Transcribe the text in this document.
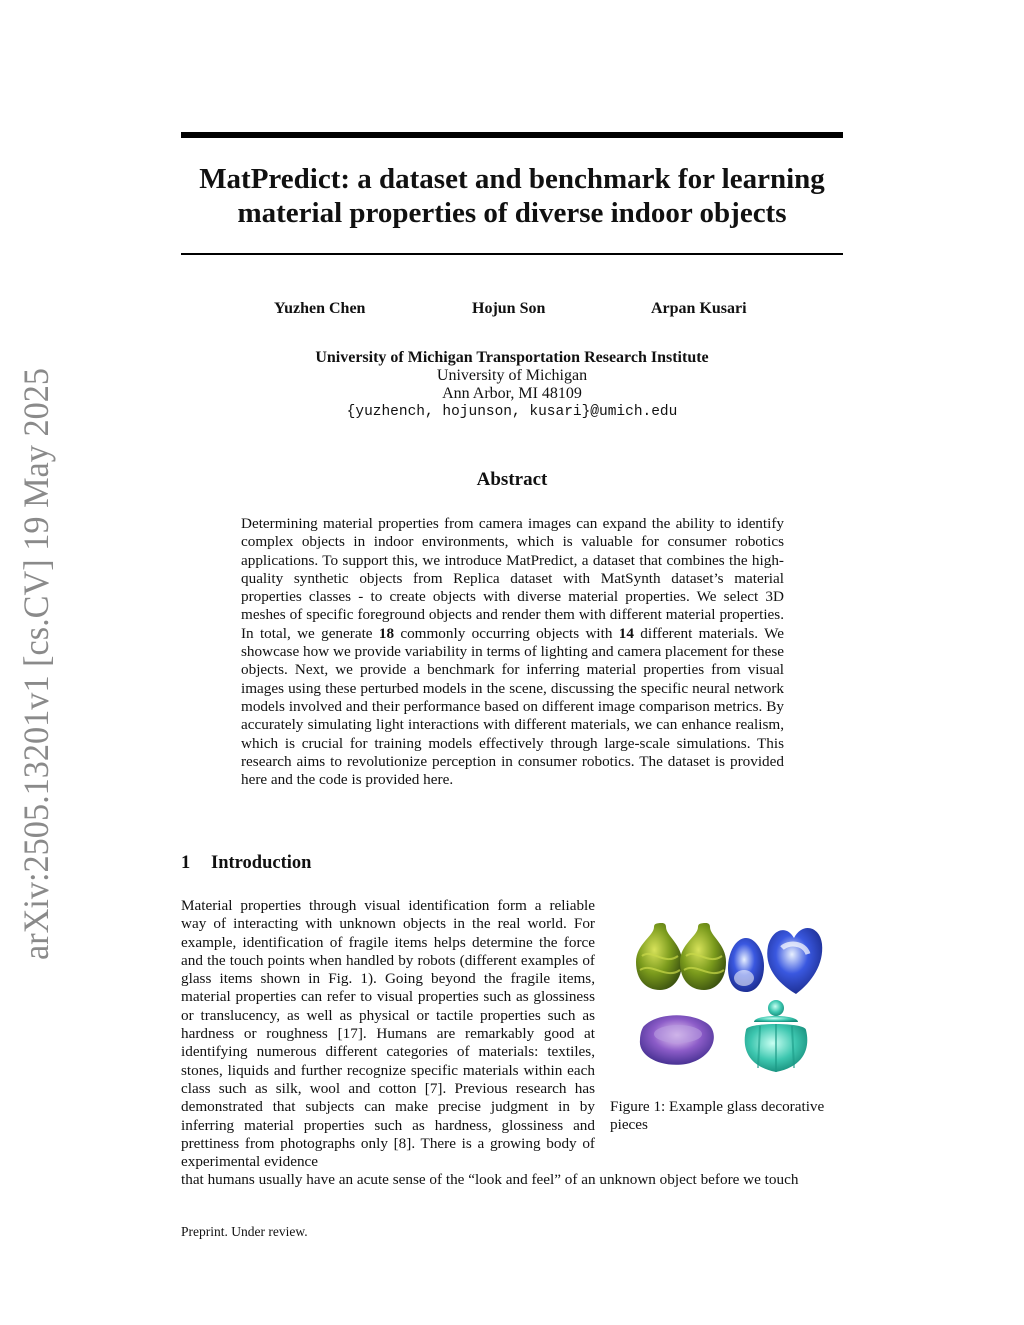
arXiv:2505.13201v1 [cs.CV] 19 May 2025
MatPredict: a dataset and benchmark for learning
material properties of diverse indoor objects
Yuzhen Chen	Hojun Son	Arpan Kusari
University of Michigan Transportation Research Institute
University of Michigan
Ann Arbor, MI 48109
{yuzhench, hojunson, kusari}@umich.edu
Abstract
Determining material properties from camera images can expand the ability to identify complex objects in indoor environments, which is valuable for consumer robotics applications. To support this, we introduce MatPredict, a dataset that combines the high-quality synthetic objects from Replica dataset with MatSynth dataset’s material properties classes - to create objects with diverse material properties. We select 3D meshes of specific foreground objects and render them with different material properties. In total, we generate 18 commonly occurring objects with 14 different materials. We showcase how we provide variability in terms of lighting and camera placement for these objects. Next, we provide a benchmark for inferring material properties from visual images using these perturbed models in the scene, discussing the specific neural network models involved and their performance based on different image comparison metrics. By accurately simulating light interactions with different materials, we can enhance realism, which is crucial for training models effectively through large-scale simulations. This research aims to revolutionize perception in consumer robotics. The dataset is provided here and the code is provided here.
1 Introduction
Material properties through visual identification form a reliable way of interacting with unknown objects in the real world. For example, identification of fragile items helps determine the force and the touch points when handled by robots (different examples of glass items shown in Fig. 1). Going beyond the fragile items, material properties can refer to visual properties such as glossiness or translucency, as well as physical or tactile properties such as hardness or roughness [17]. Humans are remarkably good at identifying numerous different categories of materials: textiles, stones, liquids and further recognize specific materials within each class such as silk, wool and cotton [7]. Previous research has demonstrated that subjects can make precise judgment in by inferring material properties such as hardness, glossiness and prettiness from photographs only [8]. There is a growing body of experimental evidence
Figure 1: Example glass decorative pieces
that humans usually have an acute sense of the “look and feel” of an unknown object before we touch
Preprint. Under review.
